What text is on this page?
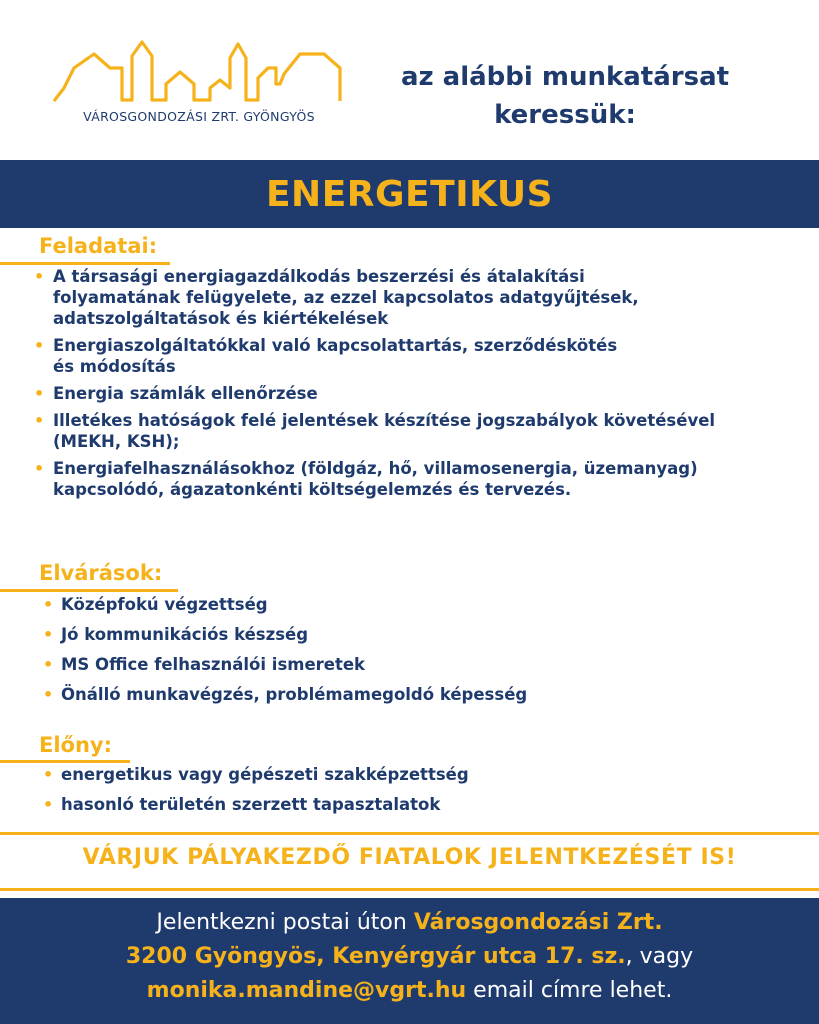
VÁROSGONDOZÁSI ZRT. GYÖNGYÖS
az alábbi munkatársat
keressük:
ENERGETIKUS
Feladatai:
• A társasági energiagazdálkodás beszerzési és átalakítási
folyamatának felügyelete, az ezzel kapcsolatos adatgyűjtések,
adatszolgáltatások és kiértékelések
• Energiaszolgáltatókkal való kapcsolattartás, szerződéskötés
és módosítás
• Energia számlák ellenőrzése
• Illetékes hatóságok felé jelentések készítése jogszabályok követésével
(MEKH, KSH);
• Energiafelhasználásokhoz (földgáz, hő, villamosenergia, üzemanyag)
kapcsolódó, ágazatonkénti költségelemzés és tervezés.
Elvárások:
• Középfokú végzettség
• Jó kommunikációs készség
• MS Office felhasználói ismeretek
• Önálló munkavégzés, problémamegoldó képesség
Előny:
• energetikus vagy gépészeti szakképzettség
• hasonló területén szerzett tapasztalatok
VÁRJUK PÁLYAKEZDŐ FIATALOK JELENTKEZÉSÉT IS!
Jelentkezni postai úton Városgondozási Zrt.
3200 Gyöngyös, Kenyérgyár utca 17. sz., vagy
monika.mandine@vgrt.hu email címre lehet.
